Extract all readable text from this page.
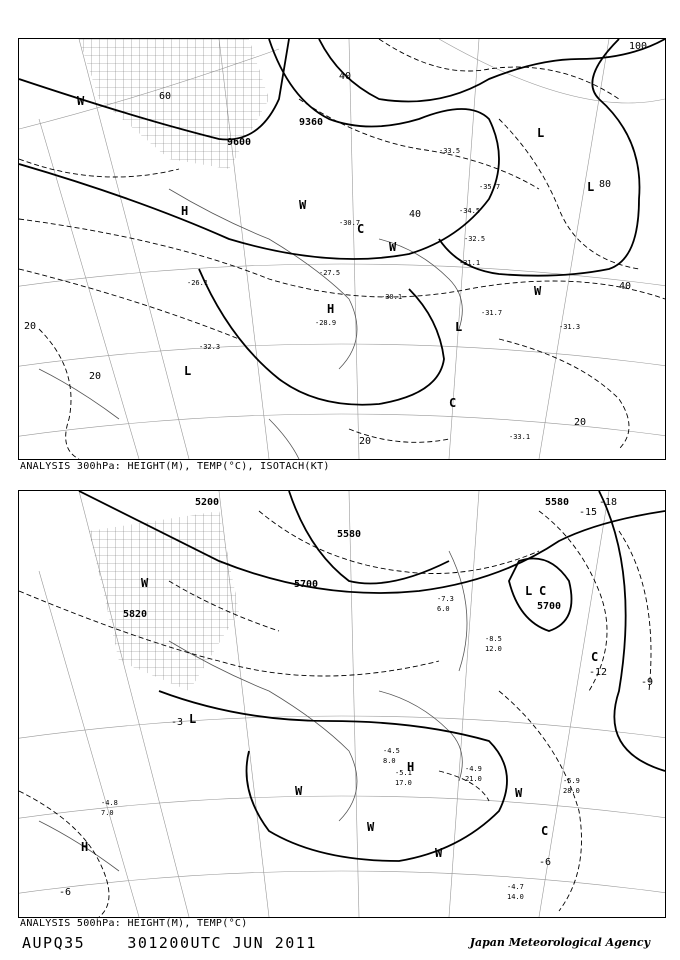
9360
9600
20
20
20
20
40
40
40
60
80
100
H
H
L
L
L
L
C
C
W
W
W
W
-31.7
-31.1
-31.3
-32.5
-34.5
-30.1
-28.9
-26.1
-32.3
-27.5
-33.5
-35.7
-30.7
-33.1
ANALYSIS 300hPa: HEIGHT(M), TEMP(°C), ISOTACH(KT)
5700
5700
5580
5580
5820
5200	-18
-15
-12
-9
-6
-6
-3
H
H
L
L C
C
C
W
W
W
W
W
-4.7
14.0
-4.9
21.0	-5.9
28.0
-4.5
8.0
-5.1
17.0
-8.5
12.0
-7.3
6.0
-4.8
7.0
ANALYSIS 500hPa: HEIGHT(M), TEMP(°C)
AUPQ35	301200UTC JUN 2011	Japan Meteorological Agency
